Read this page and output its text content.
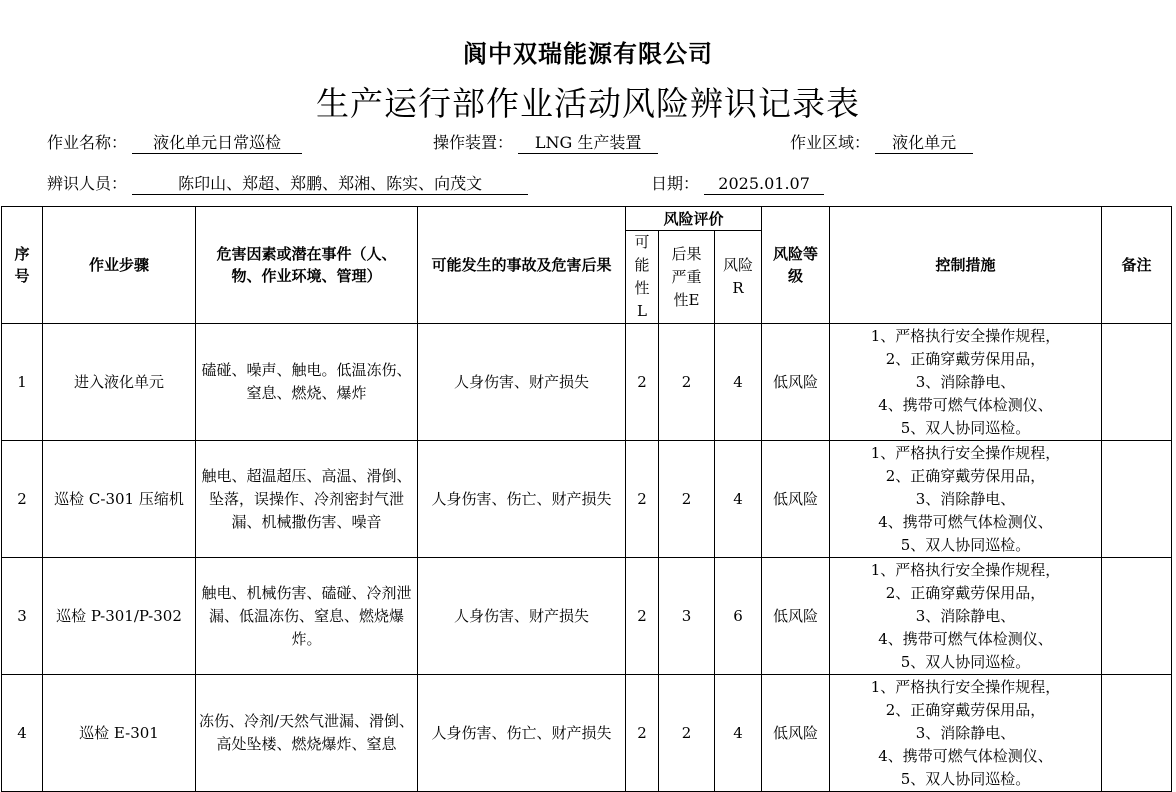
阆中双瑞能源有限公司
生产运行部作业活动风险辨识记录表
作业名称： 液化单元日常巡检	操作装置： LNG 生产装置	作业区域： 液化单元
辨识人员：	陈印山、郑超、郑鹏、郑湘、陈实、向茂文	日期： 2025.01.07
序号	作业步骤	危害因素或潜在事件（人、物、作业环境、管理）	可能发生的事故及危害后果	风险评价			风险等级	控制措施	备注
				可能性L	后果严重性E	风险R			
1	进入液化单元	磕碰、噪声、触电。低温冻伤、窒息、燃烧、爆炸	人身伤害、财产损失	2	2	4	低风险	1、严格执行安全操作规程，
2、正确穿戴劳保用品，
3、消除静电、
4、携带可燃气体检测仪、
5、双人协同巡检。	

2	巡检 C-301 压缩机	触电、超温超压、高温、滑倒、坠落，误操作、冷剂密封气泄漏、机械撒伤害、噪音	人身伤害、伤亡、财产损失	2	2	4	低风险	1、严格执行安全操作规程，
2、正确穿戴劳保用品，
3、消除静电、
4、携带可燃气体检测仪、
5、双人协同巡检。	

3	巡检 P-301/P-302	触电、机械伤害、磕碰、冷剂泄漏、低温冻伤、窒息、燃烧爆炸。	人身伤害、财产损失	2	3	6	低风险	1、严格执行安全操作规程，
2、正确穿戴劳保用品，
3、消除静电、
4、携带可燃气体检测仪、
5、双人协同巡检。	

4	巡检 E-301	冻伤、冷剂/天然气泄漏、滑倒、高处坠楼、燃烧爆炸、窒息	人身伤害、伤亡、财产损失	2	2	4	低风险	1、严格执行安全操作规程，
2、正确穿戴劳保用品，
3、消除静电、
4、携带可燃气体检测仪、
5、双人协同巡检。	
